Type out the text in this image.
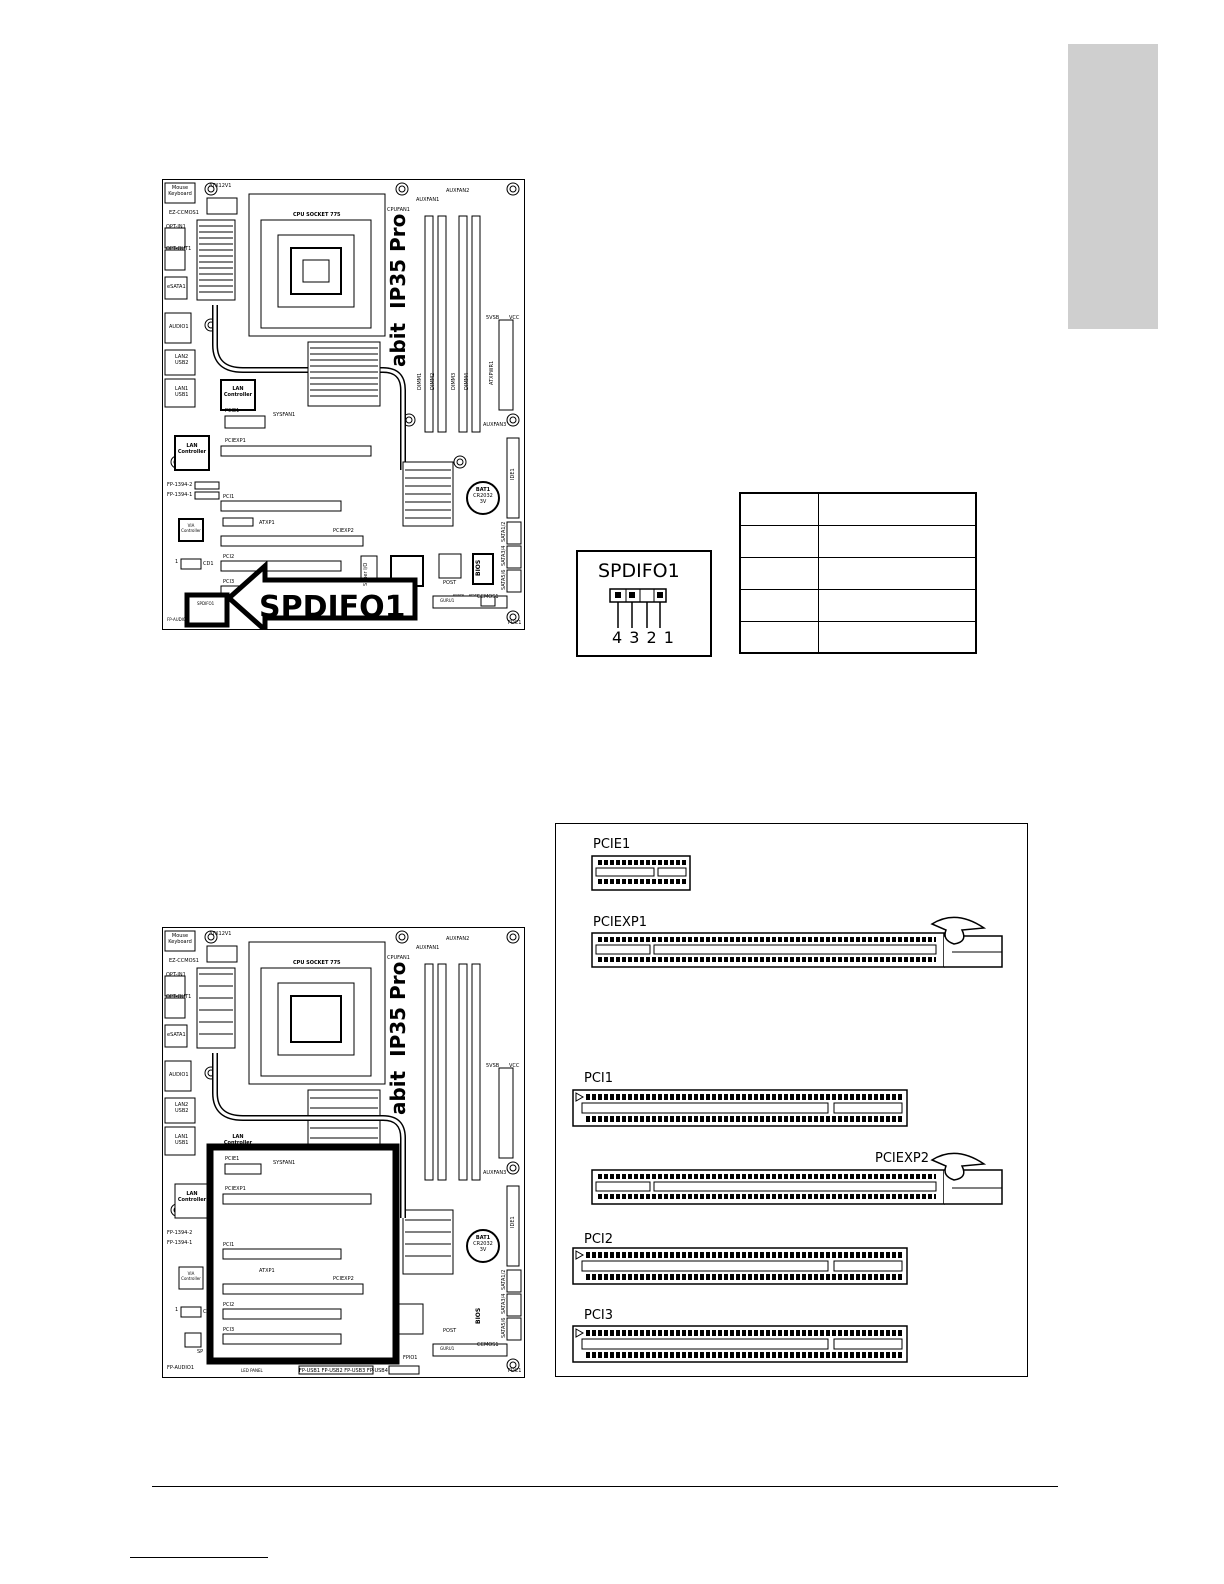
Mouse
Keyboard
ATX12V1
EZ-CCMOS1
OPT-IN1
OPT-OUT1
eSATA1
AUDIO1
LAN2
USB2
LAN1
USB1
CPU SOCKET 775
CPUFAN1
AUXFAN1
AUXFAN2
abit  IP35 Pro
DIMM1 DIMM2	DIMM3 DIMM4
5VSB VCC
ATXPWR1
AUXFAN3
LAN
Controller
PCIE1
SYSFAN1
LAN
Controller
PCIEXP1
IDE1
FP-1394-2
FP-1394-1	PCI1
ATXP1
PCIEXP2
BAT1
CR2032
3V
VIA
Controller
CD1
PCI2
PCI3	POST
BIOS
Super I/O
GURU1
CCMOS1
FDC1
SATA1/2
SATA3/4
SATA5/6
SPDIFO1
FP-AUDIO1
1
POWER RESET
SPDIFO1
SPDIFO1
4 3 2 1

Mouse
Keyboard
ATX12V1
EZ-CCMOS1
OPT-IN1
OPT-OUT1
eSATA1
AUDIO1
LAN2
USB2
LAN1
USB1
CPU SOCKET 775
CPUFAN1
AUXFAN1
AUXFAN2
abit  IP35 Pro	5VSB VCC
AUXFAN3
LAN
Controller
PCIE1
SYSFAN1
PCIEXP1
LAN
Controller
IDE1
FP-1394-2
FP-1394-1	PCI1
ATXP1
PCIEXP2
BAT1
CR2032
3V
VIA
Controller
CD1
1
PCI2
PCI3	POST
BIOS
GURU1
CCMOS1
FDC1
SATA1/2
SATA3/4
SATA5/6
SP
FP-AUDIO1	LED PANEL	FP-USB1 FP-USB2 FP-USB3 FP-USB4
FPIO1
PCIE1
PCIEXP1
PCI1
PCIEXP2
PCI2
PCI3
